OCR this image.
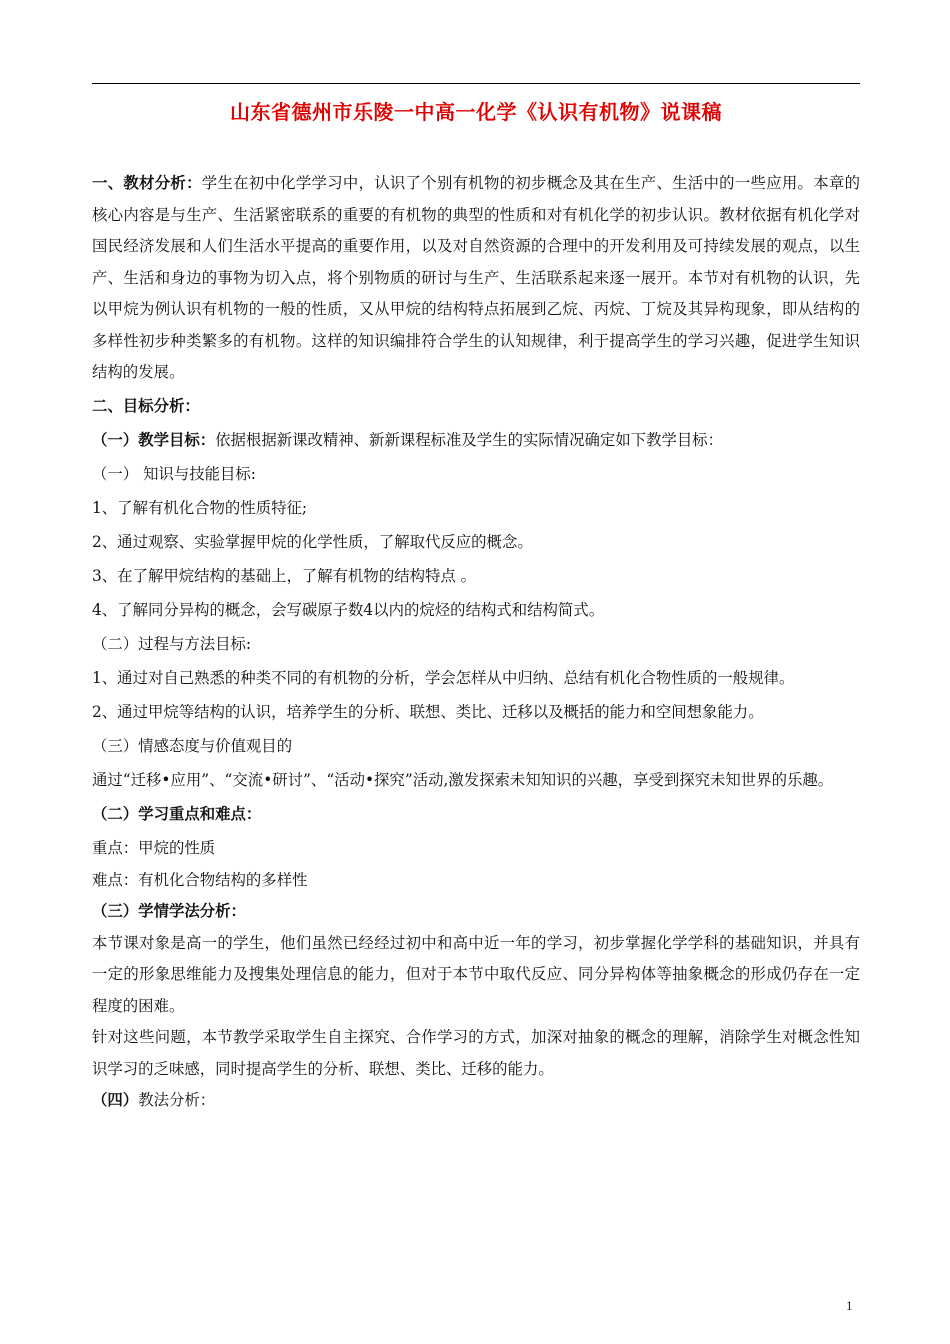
山东省德州市乐陵一中高一化学《认识有机物》说课稿

一、教材分析：学生在初中化学学习中，认识了个别有机物的初步概念及其在生产、生活中的一些应用。本章的核心内容是与生产、生活紧密联系的重要的有机物的典型的性质和对有机化学的初步认识。教材依据有机化学对国民经济发展和人们生活水平提高的重要作用，以及对自然资源的合理中的开发利用及可持续发展的观点，以生产、生活和身边的事物为切入点，将个别物质的研讨与生产、生活联系起来逐一展开。本节对有机物的认识，先以甲烷为例认识有机物的一般的性质，又从甲烷的结构特点拓展到乙烷、丙烷、丁烷及其异构现象，即从结构的多样性初步种类繁多的有机物。这样的知识编排符合学生的认知规律，利于提高学生的学习兴趣，促进学生知识结构的发展。

二、目标分析：

（一）教学目标：依据根据新课改精神、新新课程标准及学生的实际情况确定如下教学目标：

（一） 知识与技能目标:

1、了解有机化合物的性质特征;

2、通过观察、实验掌握甲烷的化学性质，了解取代反应的概念。

3、在了解甲烷结构的基础上，了解有机物的结构特点 。

4、了解同分异构的概念，会写碳原子数4以内的烷烃的结构式和结构简式。

（二）过程与方法目标:

1、通过对自己熟悉的种类不同的有机物的分析，学会怎样从中归纳、总结有机化合物性质的一般规律。

2、通过甲烷等结构的认识，培养学生的分析、联想、类比、迁移以及概括的能力和空间想象能力。

（三）情感态度与价值观目的

通过“迁移•应用”、“交流•研讨”、“活动•探究”活动,激发探索未知知识的兴趣，享受到探究未知世界的乐趣。

（二）学习重点和难点：

重点：甲烷的性质

难点：有机化合物结构的多样性

（三）学情学法分析：

本节课对象是高一的学生，他们虽然已经经过初中和高中近一年的学习，初步掌握化学学科的基础知识，并具有一定的形象思维能力及搜集处理信息的能力，但对于本节中取代反应、同分异构体等抽象概念的形成仍存在一定程度的困难。

针对这些问题，本节教学采取学生自主探究、合作学习的方式，加深对抽象的概念的理解，消除学生对概念性知识学习的乏味感，同时提高学生的分析、联想、类比、迁移的能力。

（四）教法分析：

1
